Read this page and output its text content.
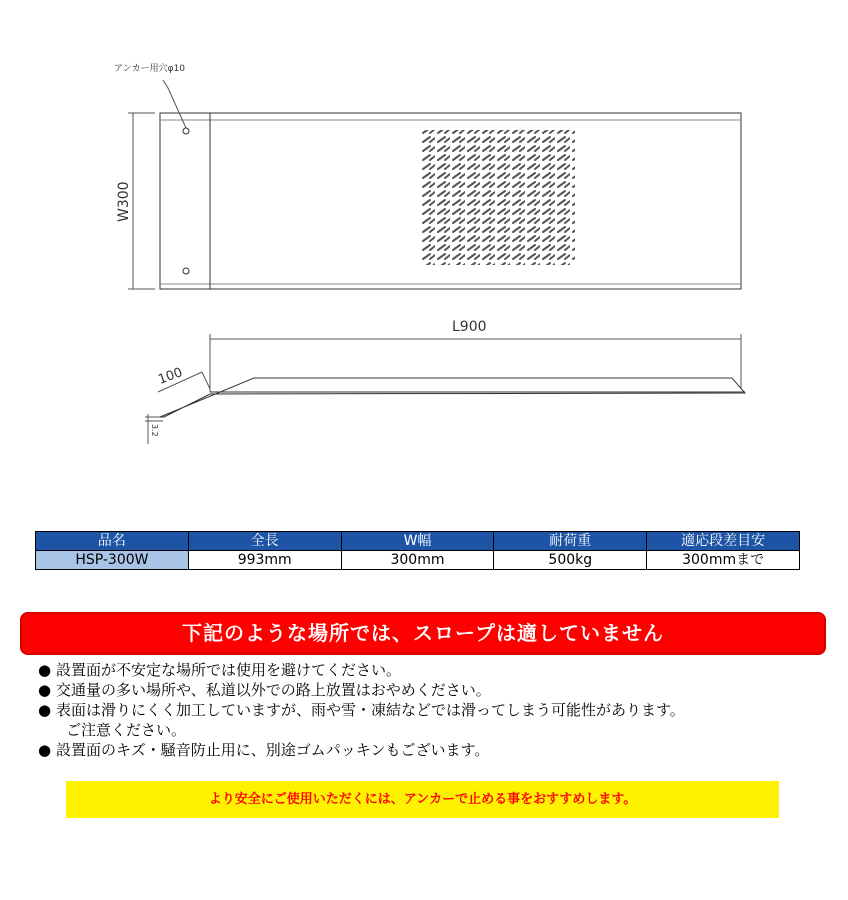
アンカー用穴φ10
W300
L900
100
3.2
品名	全長	W幅	耐荷重	適応段差目安
HSP-300W	993mm	300mm	500kg	300mmまで
下記のような場所では、スロープは適していません
● 設置面が不安定な場所では使用を避けてください。
● 交通量の多い場所や、私道以外での路上放置はおやめください。
● 表面は滑りにくく加工していますが、雨や雪・凍結などでは滑ってしまう可能性があります。
ご注意ください。
● 設置面のキズ・騒音防止用に、別途ゴムパッキンもございます。
より安全にご使用いただくには、アンカーで止める事をおすすめします。
